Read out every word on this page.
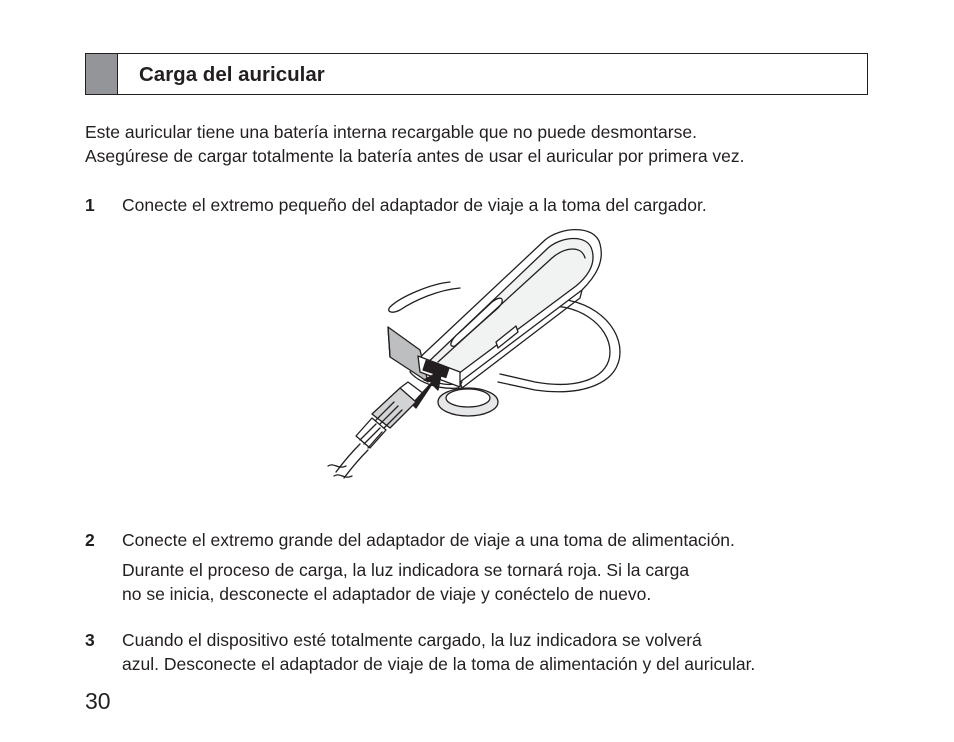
Carga del auricular

Este auricular tiene una batería interna recargable que no puede desmontarse.

Asegúrese de cargar totalmente la batería antes de usar el auricular por primera vez.

1 Conecte el extremo pequeño del adaptador de viaje a la toma del cargador.

2 Conecte el extremo grande del adaptador de viaje a una toma de alimentación.

Durante el proceso de carga, la luz indicadora se tornará roja. Si la carga

no se inicia, desconecte el adaptador de viaje y conéctelo de nuevo.

3 Cuando el dispositivo esté totalmente cargado, la luz indicadora se volverá

azul. Desconecte el adaptador de viaje de la toma de alimentación y del auricular.

30
